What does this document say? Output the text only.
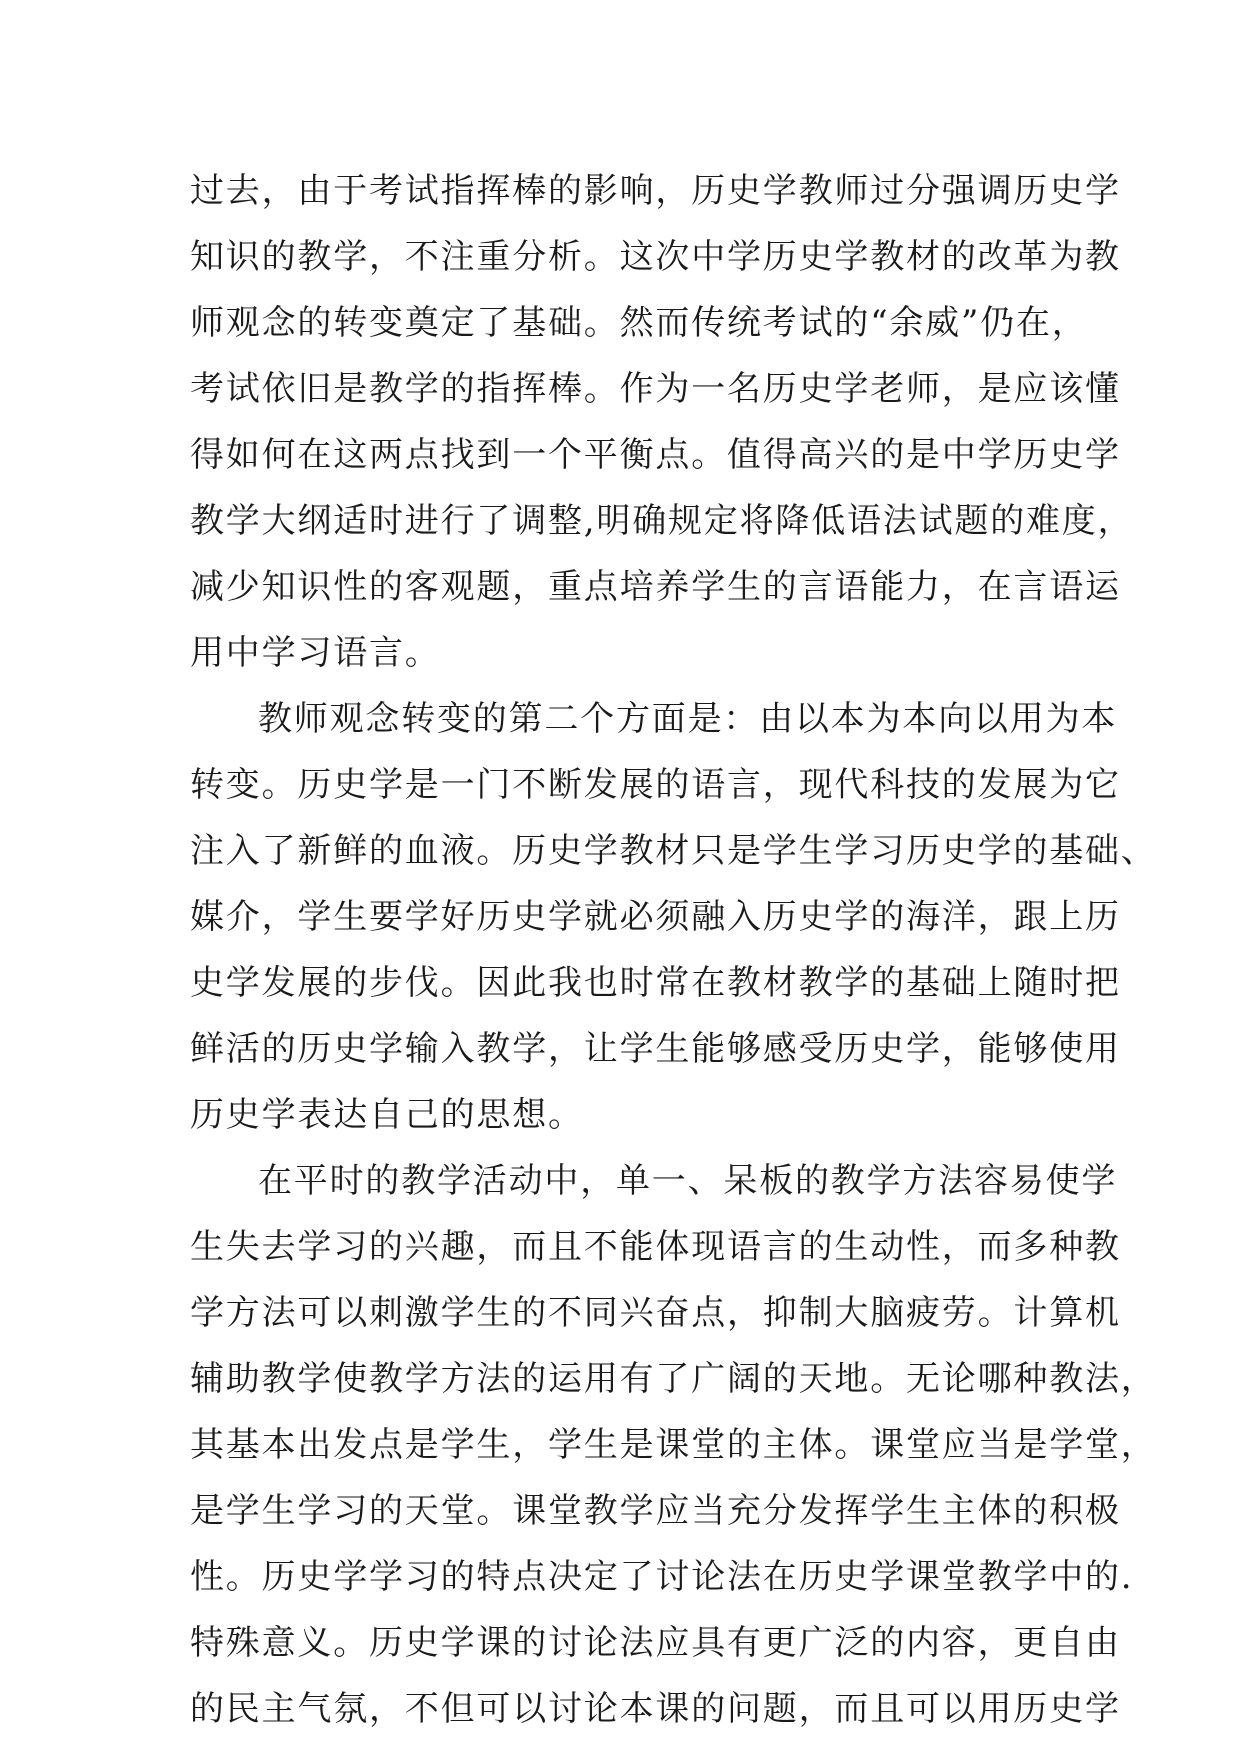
过去，由于考试指挥棒的影响，历史学教师过分强调历史学
知识的教学，不注重分析。这次中学历史学教材的改革为教
师观念的转变奠定了基础。然而传统考试的“余威”仍在，
考试依旧是教学的指挥棒。作为一名历史学老师，是应该懂
得如何在这两点找到一个平衡点。值得高兴的是中学历史学
教学大纲适时进行了调整,明确规定将降低语法试题的难度，
减少知识性的客观题，重点培养学生的言语能力，在言语运
用中学习语言。
教师观念转变的第二个方面是：由以本为本向以用为本
转变。历史学是一门不断发展的语言，现代科技的发展为它
注入了新鲜的血液。历史学教材只是学生学习历史学的基础、
媒介，学生要学好历史学就必须融入历史学的海洋，跟上历
史学发展的步伐。因此我也时常在教材教学的基础上随时把
鲜活的历史学输入教学，让学生能够感受历史学，能够使用
历史学表达自己的思想。
在平时的教学活动中，单一、呆板的教学方法容易使学
生失去学习的兴趣，而且不能体现语言的生动性，而多种教
学方法可以刺激学生的不同兴奋点，抑制大脑疲劳。计算机
辅助教学使教学方法的运用有了广阔的天地。无论哪种教法，
其基本出发点是学生，学生是课堂的主体。课堂应当是学堂，
是学生学习的天堂。课堂教学应当充分发挥学生主体的积极
性。历史学学习的特点决定了讨论法在历史学课堂教学中的.
特殊意义。历史学课的讨论法应具有更广泛的内容，更自由
的民主气氛，不但可以讨论本课的问题，而且可以用历史学
